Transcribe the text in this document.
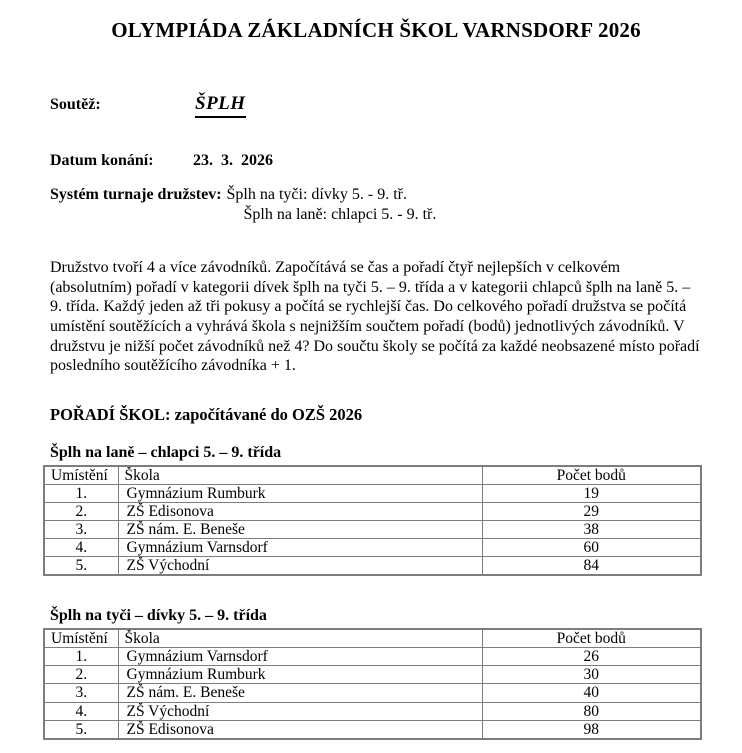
OLYMPIÁDA ZÁKLADNÍCH ŠKOL VARNSDORF 2026
Soutěž:	ŠPLH
Datum konání:	23.  3.  2026
Systém turnaje družstev: Šplh na tyči: dívky 5. - 9. tř.
Šplh na laně: chlapci 5. - 9. tř.
Družstvo tvoří 4 a více závodníků. Započítává se čas a pořadí čtyř nejlepších v celkovém (absolutním) pořadí v kategorii dívek šplh na tyči 5. – 9. třída a v kategorii chlapců šplh na laně 5. – 9. třída. Každý jeden až tři pokusy a počítá se rychlejší čas. Do celkového pořadí družstva se počítá umístění soutěžících a vyhrává škola s nejnižším součtem pořadí (bodů) jednotlivých závodníků. V družstvu je nižší počet závodníků než 4? Do součtu školy se počítá za každé neobsazené místo pořadí posledního soutěžícího závodníka + 1.
POŘADÍ ŠKOL: započítávané do OZŠ 2026
Šplh na laně – chlapci 5. – 9. třída
Umístění	Škola	Počet bodů
1.	Gymnázium Rumburk	19
2.	ZŠ Edisonova	29
3.	ZŠ nám. E. Beneše	38
4.	Gymnázium Varnsdorf	60
5.	ZŠ Východní	84
Šplh na tyči – dívky 5. – 9. třída
Umístění	Škola	Počet bodů
1.	Gymnázium Varnsdorf	26
2.	Gymnázium Rumburk	30
3.	ZŠ nám. E. Beneše	40
4.	ZŠ Východní	80
5.	ZŠ Edisonova	98
